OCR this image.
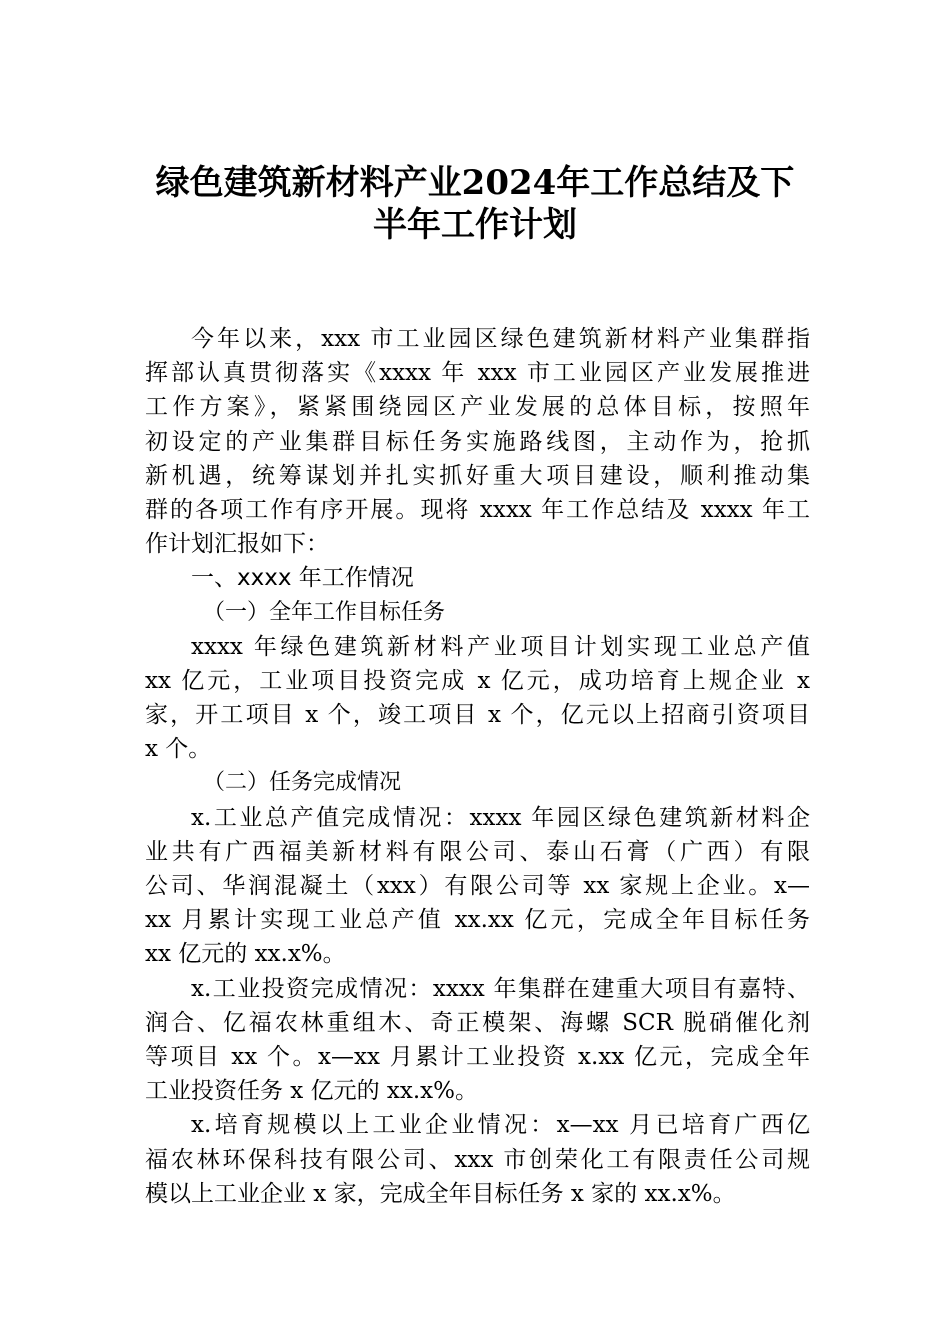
绿色建筑新材料产业2024年工作总结及下
半年工作计划
今年以来，xxx 市工业园区绿色建筑新材料产业集群指
挥部认真贯彻落实《xxxx 年 xxx 市工业园区产业发展推进
工作方案》，紧紧围绕园区产业发展的总体目标，按照年
初设定的产业集群目标任务实施路线图，主动作为，抢抓
新机遇，统筹谋划并扎实抓好重大项目建设，顺利推动集
群的各项工作有序开展。现将 xxxx 年工作总结及 xxxx 年工
作计划汇报如下：
一、xxxx 年工作情况
（一）全年工作目标任务
xxxx 年绿色建筑新材料产业项目计划实现工业总产值
xx 亿元，工业项目投资完成 x 亿元，成功培育上规企业 x
家，开工项目 x 个，竣工项目 x 个，亿元以上招商引资项目
x 个。
（二）任务完成情况
x.工业总产值完成情况：xxxx 年园区绿色建筑新材料企
业共有广西福美新材料有限公司、泰山石膏（广西）有限
公司、华润混凝土（xxx）有限公司等 xx 家规上企业。x—
xx 月累计实现工业总产值 xx.xx 亿元，完成全年目标任务
xx 亿元的 xx.x%。
x.工业投资完成情况：xxxx 年集群在建重大项目有嘉特、
润合、亿福农林重组木、奇正模架、海螺 SCR 脱硝催化剂
等项目 xx 个。x—xx 月累计工业投资 x.xx 亿元，完成全年
工业投资任务 x 亿元的 xx.x%。
x.培育规模以上工业企业情况：x—xx 月已培育广西亿
福农林环保科技有限公司、xxx 市创荣化工有限责任公司规
模以上工业企业 x 家，完成全年目标任务 x 家的 xx.x%。
